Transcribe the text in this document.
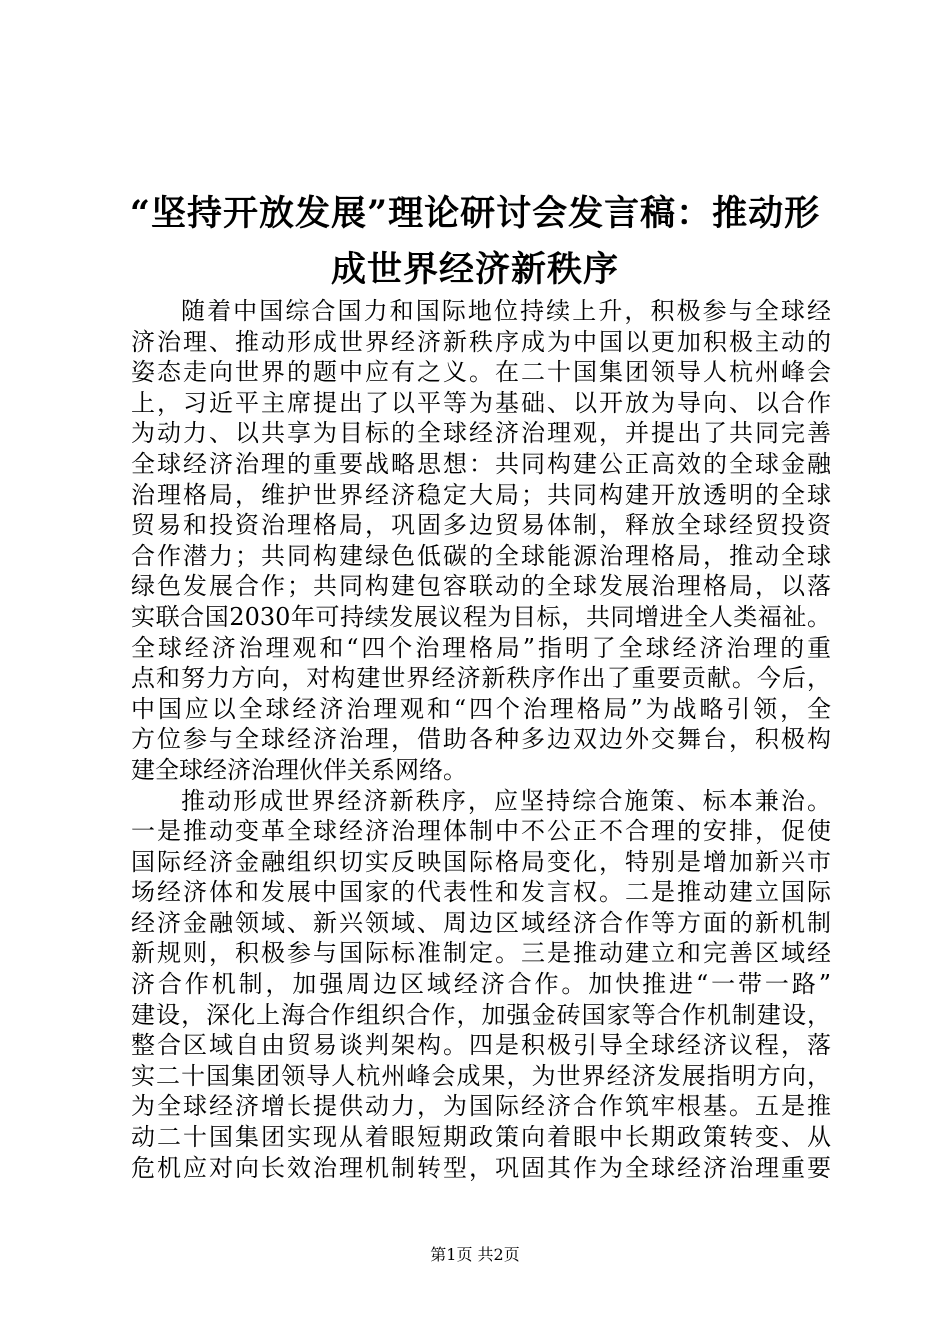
“坚持开放发展”理论研讨会发言稿：推动形
成世界经济新秩序
随着中国综合国力和国际地位持续上升，积极参与全球经
济治理、推动形成世界经济新秩序成为中国以更加积极主动的
姿态走向世界的题中应有之义。在二十国集团领导人杭州峰会
上，习近平主席提出了以平等为基础、以开放为导向、以合作
为动力、以共享为目标的全球经济治理观，并提出了共同完善
全球经济治理的重要战略思想：共同构建公正高效的全球金融
治理格局，维护世界经济稳定大局；共同构建开放透明的全球
贸易和投资治理格局，巩固多边贸易体制，释放全球经贸投资
合作潜力；共同构建绿色低碳的全球能源治理格局，推动全球
绿色发展合作；共同构建包容联动的全球发展治理格局，以落
实联合国2030年可持续发展议程为目标，共同增进全人类福祉。
全球经济治理观和“四个治理格局”指明了全球经济治理的重
点和努力方向，对构建世界经济新秩序作出了重要贡献。今后，
中国应以全球经济治理观和“四个治理格局”为战略引领，全
方位参与全球经济治理，借助各种多边双边外交舞台，积极构
建全球经济治理伙伴关系网络。
推动形成世界经济新秩序，应坚持综合施策、标本兼治。
一是推动变革全球经济治理体制中不公正不合理的安排，促使
国际经济金融组织切实反映国际格局变化，特别是增加新兴市
场经济体和发展中国家的代表性和发言权。二是推动建立国际
经济金融领域、新兴领域、周边区域经济合作等方面的新机制
新规则，积极参与国际标准制定。三是推动建立和完善区域经
济合作机制，加强周边区域经济合作。加快推进“一带一路”
建设，深化上海合作组织合作，加强金砖国家等合作机制建设，
整合区域自由贸易谈判架构。四是积极引导全球经济议程，落
实二十国集团领导人杭州峰会成果，为世界经济发展指明方向，
为全球经济增长提供动力，为国际经济合作筑牢根基。五是推
动二十国集团实现从着眼短期政策向着眼中长期政策转变、从
危机应对向长效治理机制转型，巩固其作为全球经济治理重要
第1页 共2页
